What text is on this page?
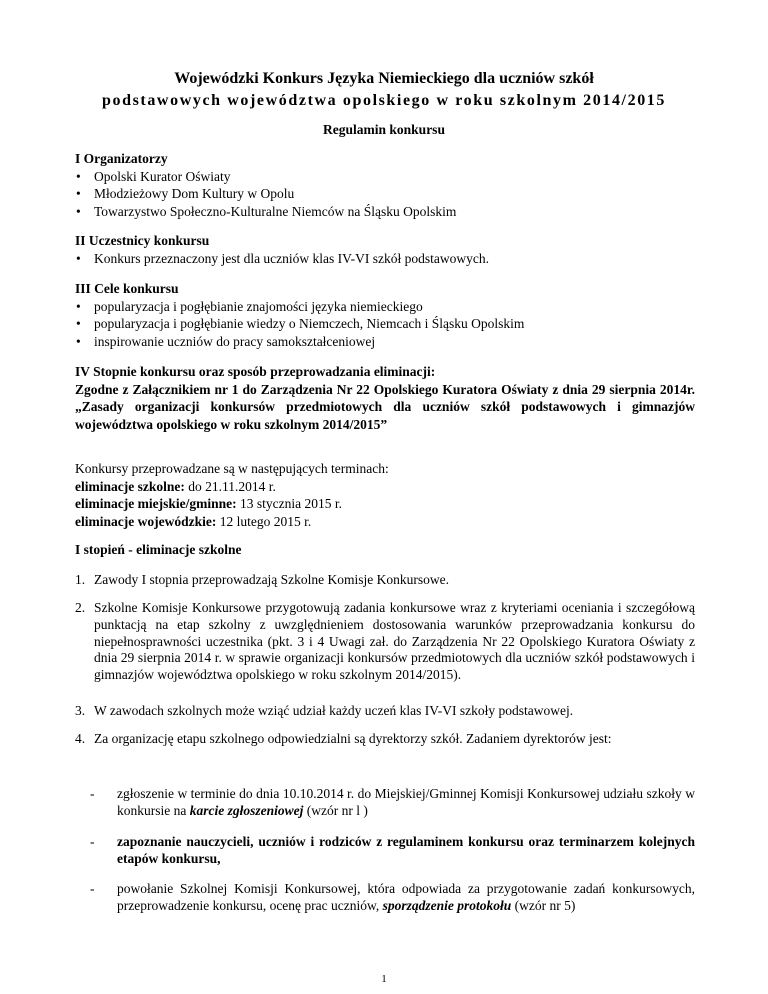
Wojewódzki Konkurs Języka Niemieckiego dla uczniów szkół
podstawowych województwa opolskiego w roku szkolnym 2014/2015
Regulamin konkursu
I Organizatorzy
• Opolski Kurator Oświaty
• Młodzieżowy Dom Kultury w Opolu
• Towarzystwo Społeczno-Kulturalne Niemców na Śląsku Opolskim
II Uczestnicy konkursu
• Konkurs przeznaczony jest dla uczniów klas IV-VI szkół podstawowych.
III Cele konkursu
• popularyzacja i pogłębianie znajomości języka niemieckiego
• popularyzacja i pogłębianie wiedzy o Niemczech, Niemcach i Śląsku Opolskim
• inspirowanie uczniów do pracy samokształceniowej
IV Stopnie konkursu oraz sposób przeprowadzania eliminacji:
Zgodne z Załącznikiem nr 1 do Zarządzenia Nr 22 Opolskiego Kuratora Oświaty z dnia 29 sierpnia 2014r. „Zasady organizacji konkursów przedmiotowych dla uczniów szkół podstawowych i gimnazjów województwa opolskiego w roku szkolnym 2014/2015”
Konkursy przeprowadzane są w następujących terminach:
eliminacje szkolne: do 21.11.2014 r.
eliminacje miejskie/gminne: 13 stycznia 2015 r.
eliminacje wojewódzkie: 12 lutego 2015 r.
I stopień - eliminacje szkolne
1. Zawody I stopnia przeprowadzają Szkolne Komisje Konkursowe.
2. Szkolne Komisje Konkursowe przygotowują zadania konkursowe wraz z kryteriami oceniania i szczegółową punktacją na etap szkolny z uwzględnieniem dostosowania warunków przeprowadzania konkursu do niepełnosprawności uczestnika (pkt. 3 i 4 Uwagi zał. do Zarządzenia Nr 22 Opolskiego Kuratora Oświaty z dnia 29 sierpnia 2014 r. w sprawie organizacji konkursów przedmiotowych dla uczniów szkół podstawowych i gimnazjów województwa opolskiego w roku szkolnym 2014/2015).
3. W zawodach szkolnych może wziąć udział każdy uczeń klas IV-VI szkoły podstawowej.
4. Za organizację etapu szkolnego odpowiedzialni są dyrektorzy szkół. Zadaniem dyrektorów jest:
- zgłoszenie w terminie do dnia 10.10.2014 r. do Miejskiej/Gminnej Komisji Konkursowej udziału szkoły w konkursie na karcie zgłoszeniowej (wzór nr l )
- zapoznanie nauczycieli, uczniów i rodziców z regulaminem konkursu oraz terminarzem kolejnych etapów konkursu,
- powołanie Szkolnej Komisji Konkursowej, która odpowiada za przygotowanie zadań konkursowych, przeprowadzenie konkursu, ocenę prac uczniów, sporządzenie protokołu (wzór nr 5)
1
